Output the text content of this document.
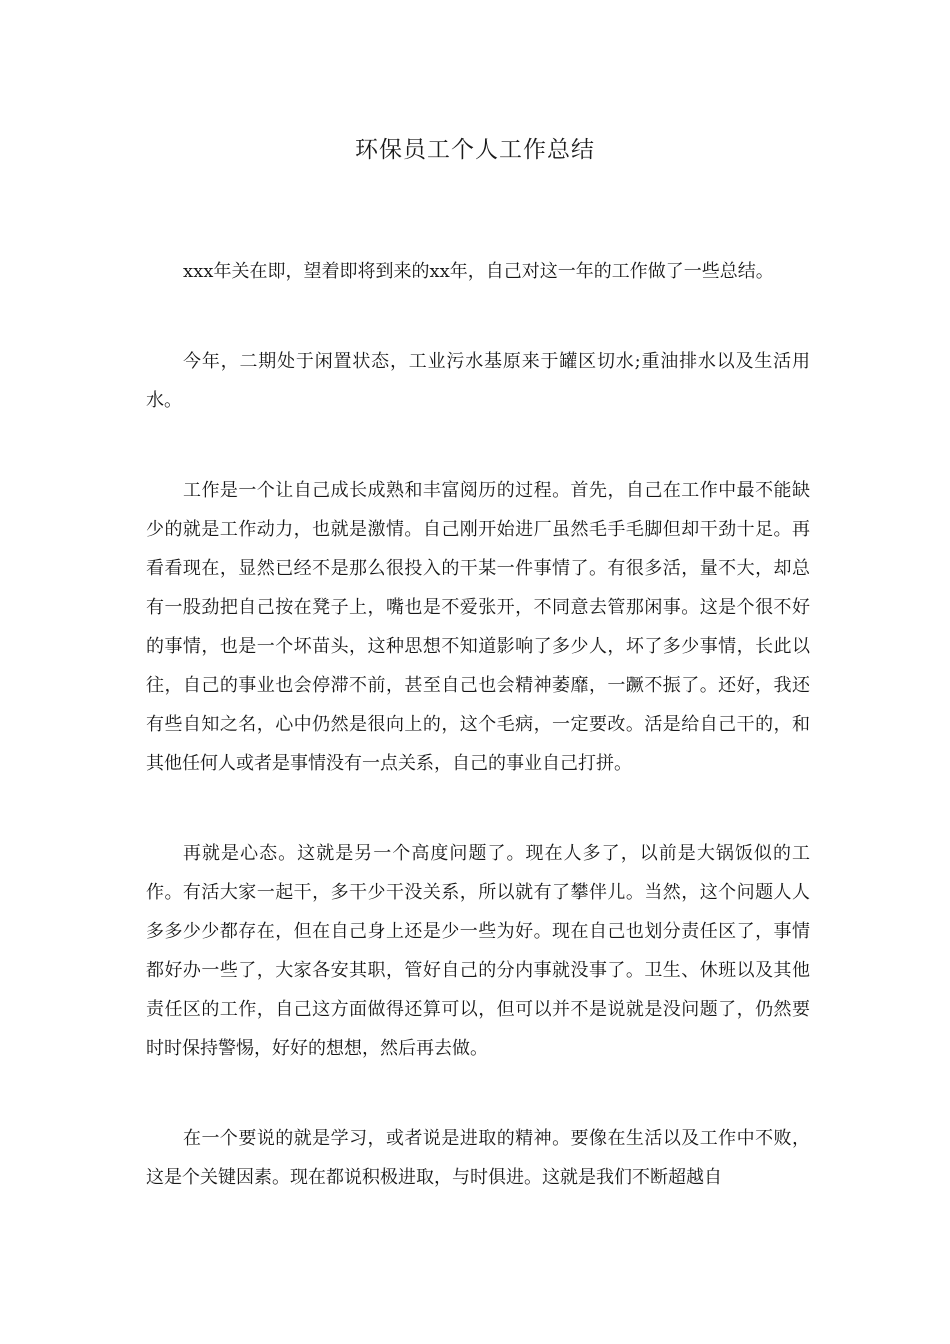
环保员工个人工作总结

xxx年关在即，望着即将到来的xx年，自己对这一年的工作做了一些总结。

今年，二期处于闲置状态，工业污水基原来于罐区切水;重油排水以及生活用水。

工作是一个让自己成长成熟和丰富阅历的过程。首先，自己在工作中最不能缺少的就是工作动力，也就是激情。自己刚开始进厂虽然毛手毛脚但却干劲十足。再看看现在，显然已经不是那么很投入的干某一件事情了。有很多活，量不大，却总有一股劲把自己按在凳子上，嘴也是不爱张开，不同意去管那闲事。这是个很不好的事情，也是一个坏苗头，这种思想不知道影响了多少人，坏了多少事情，长此以往，自己的事业也会停滞不前，甚至自己也会精神萎靡，一蹶不振了。还好，我还有些自知之名，心中仍然是很向上的，这个毛病，一定要改。活是给自己干的，和其他任何人或者是事情没有一点关系，自己的事业自己打拼。

再就是心态。这就是另一个高度问题了。现在人多了，以前是大锅饭似的工作。有活大家一起干，多干少干没关系，所以就有了攀伴儿。当然，这个问题人人多多少少都存在，但在自己身上还是少一些为好。现在自己也划分责任区了，事情都好办一些了，大家各安其职，管好自己的分内事就没事了。卫生、休班以及其他责任区的工作，自己这方面做得还算可以，但可以并不是说就是没问题了，仍然要时时保持警惕，好好的想想，然后再去做。

在一个要说的就是学习，或者说是进取的精神。要像在生活以及工作中不败，这是个关键因素。现在都说积极进取，与时俱进。这就是我们不断超越自
